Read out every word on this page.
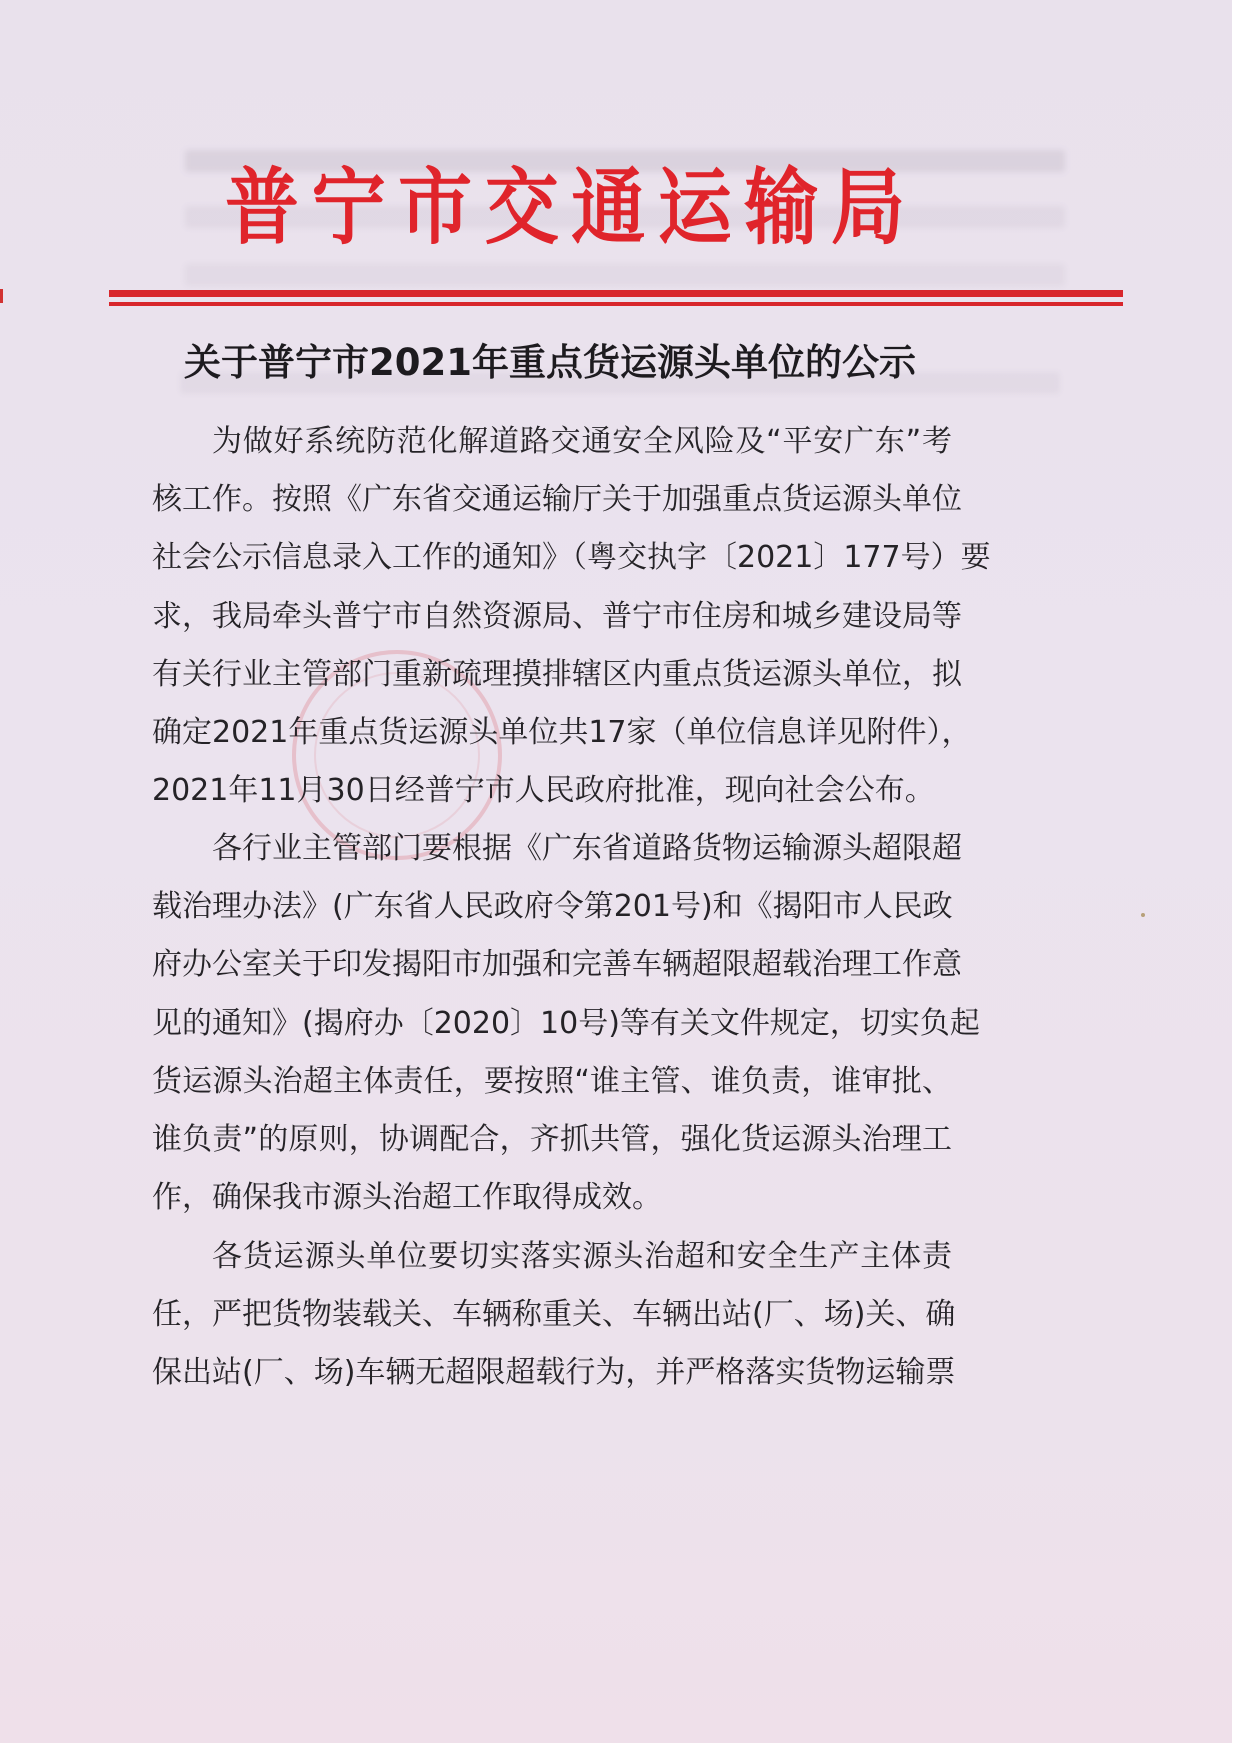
普 宁 市 交 通 运 输 局
关于普宁市2021年重点货运源头单位的公示
为做好系统防范化解道路交通安全风险及“平安广东”考
核工作。按照《广东省交通运输厅关于加强重点货运源头单位
社会公示信息录入工作的通知》（粤交执字〔2021〕177号）要
求，我局牵头普宁市自然资源局、普宁市住房和城乡建设局等
有关行业主管部门重新疏理摸排辖区内重点货运源头单位，拟
确定2021年重点货运源头单位共17家（单位信息详见附件），
2021年11月30日经普宁市人民政府批准，现向社会公布。
各行业主管部门要根据《广东省道路货物运输源头超限超
载治理办法》(广东省人民政府令第201号)和《揭阳市人民政
府办公室关于印发揭阳市加强和完善车辆超限超载治理工作意
见的通知》(揭府办〔2020〕10号)等有关文件规定，切实负起
货运源头治超主体责任，要按照“谁主管、谁负责，谁审批、
谁负责”的原则，协调配合，齐抓共管，强化货运源头治理工
作，确保我市源头治超工作取得成效。
各货运源头单位要切实落实源头治超和安全生产主体责
任，严把货物装载关、车辆称重关、车辆出站(厂、场)关、确
保出站(厂、场)车辆无超限超载行为，并严格落实货物运输票
